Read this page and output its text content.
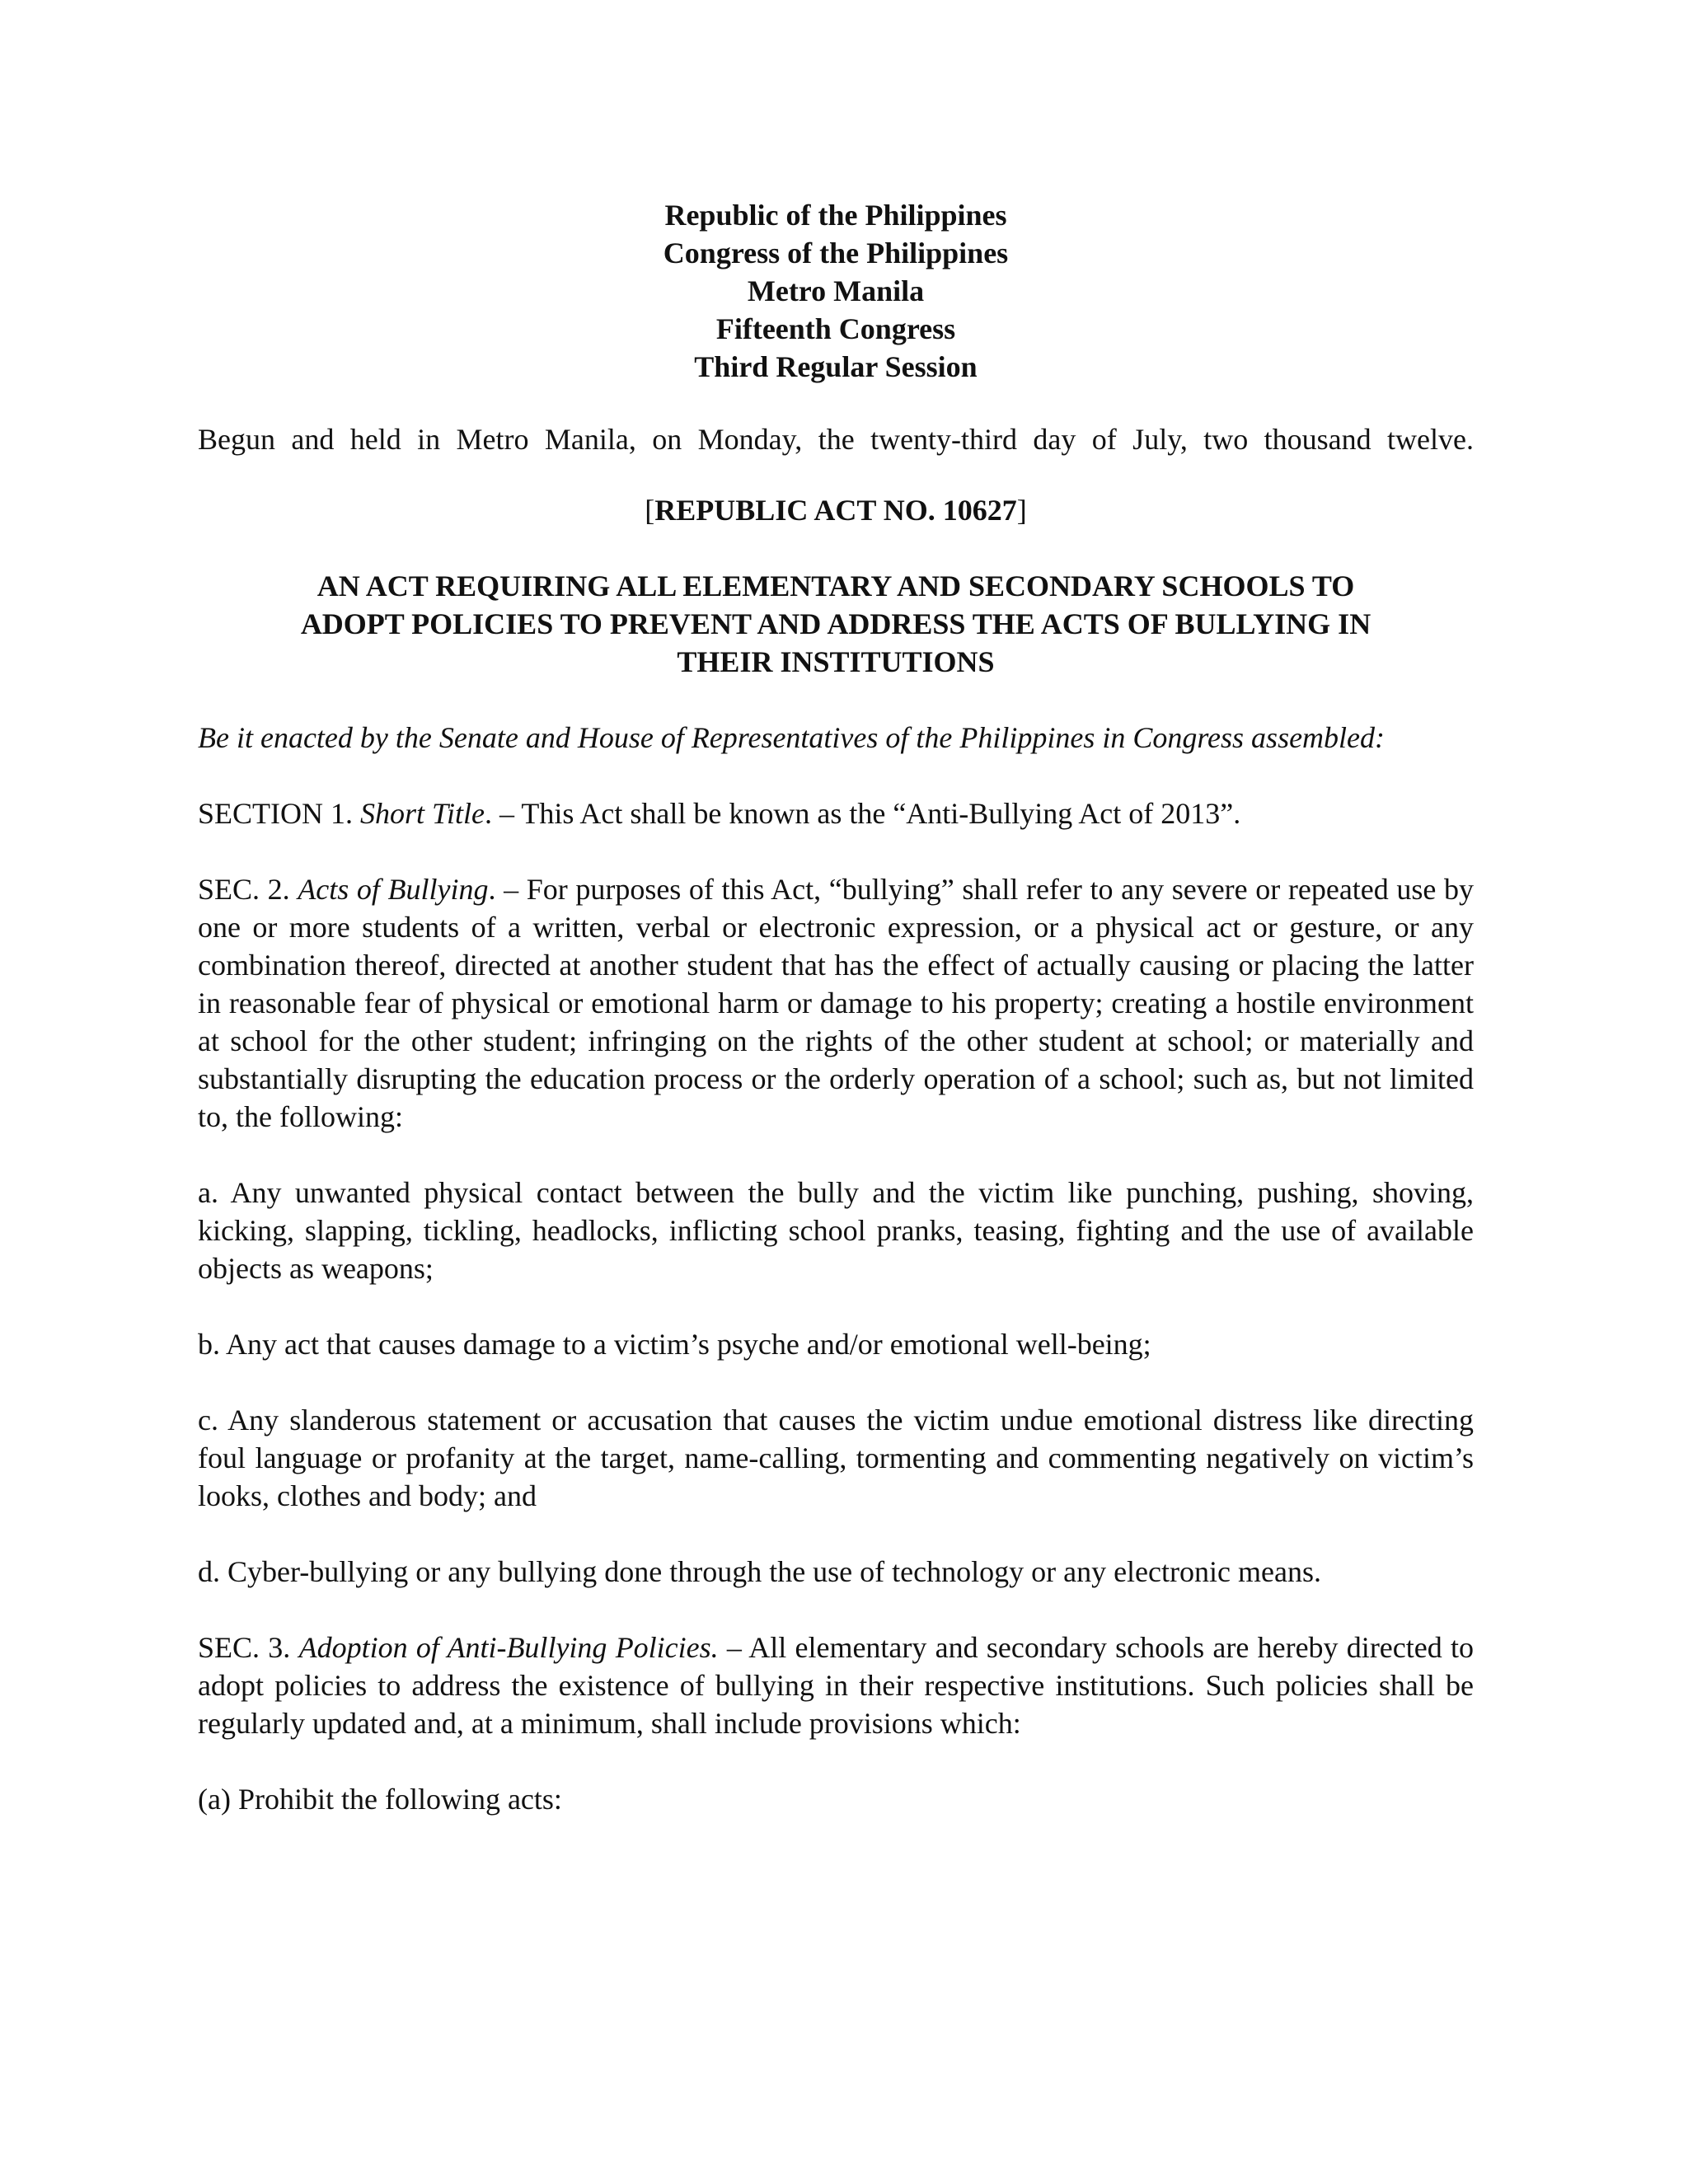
Republic of the Philippines
Congress of the Philippines
Metro Manila
Fifteenth Congress
Third Regular Session
Begun and held in Metro Manila, on Monday, the twenty-third day of July, two thousand twelve.
[REPUBLIC ACT NO. 10627]
AN ACT REQUIRING ALL ELEMENTARY AND SECONDARY SCHOOLS TO
ADOPT POLICIES TO PREVENT AND ADDRESS THE ACTS OF BULLYING IN
THEIR INSTITUTIONS
Be it enacted by the Senate and House of Representatives of the Philippines in Congress assembled:

SECTION 1. Short Title. – This Act shall be known as the “Anti-Bullying Act of 2013”.

SEC. 2. Acts of Bullying. – For purposes of this Act, “bullying” shall refer to any severe or repeated use by one or more students of a written, verbal or electronic expression, or a physical act or gesture, or any combination thereof, directed at another student that has the effect of actually causing or placing the latter in reasonable fear of physical or emotional harm or damage to his property; creating a hostile environment at school for the other student; infringing on the rights of the other student at school; or materially and substantially disrupting the education process or the orderly operation of a school; such as, but not limited to, the following:

a. Any unwanted physical contact between the bully and the victim like punching, pushing, shoving, kicking, slapping, tickling, headlocks, inflicting school pranks, teasing, fighting and the use of available objects as weapons;

b. Any act that causes damage to a victim’s psyche and/or emotional well-being;

c. Any slanderous statement or accusation that causes the victim undue emotional distress like directing foul language or profanity at the target, name-calling, tormenting and commenting negatively on victim’s looks, clothes and body; and

d. Cyber-bullying or any bullying done through the use of technology or any electronic means.

SEC. 3. Adoption of Anti-Bullying Policies. – All elementary and secondary schools are hereby directed to adopt policies to address the existence of bullying in their respective institutions. Such policies shall be regularly updated and, at a minimum, shall include provisions which:

(a) Prohibit the following acts:
